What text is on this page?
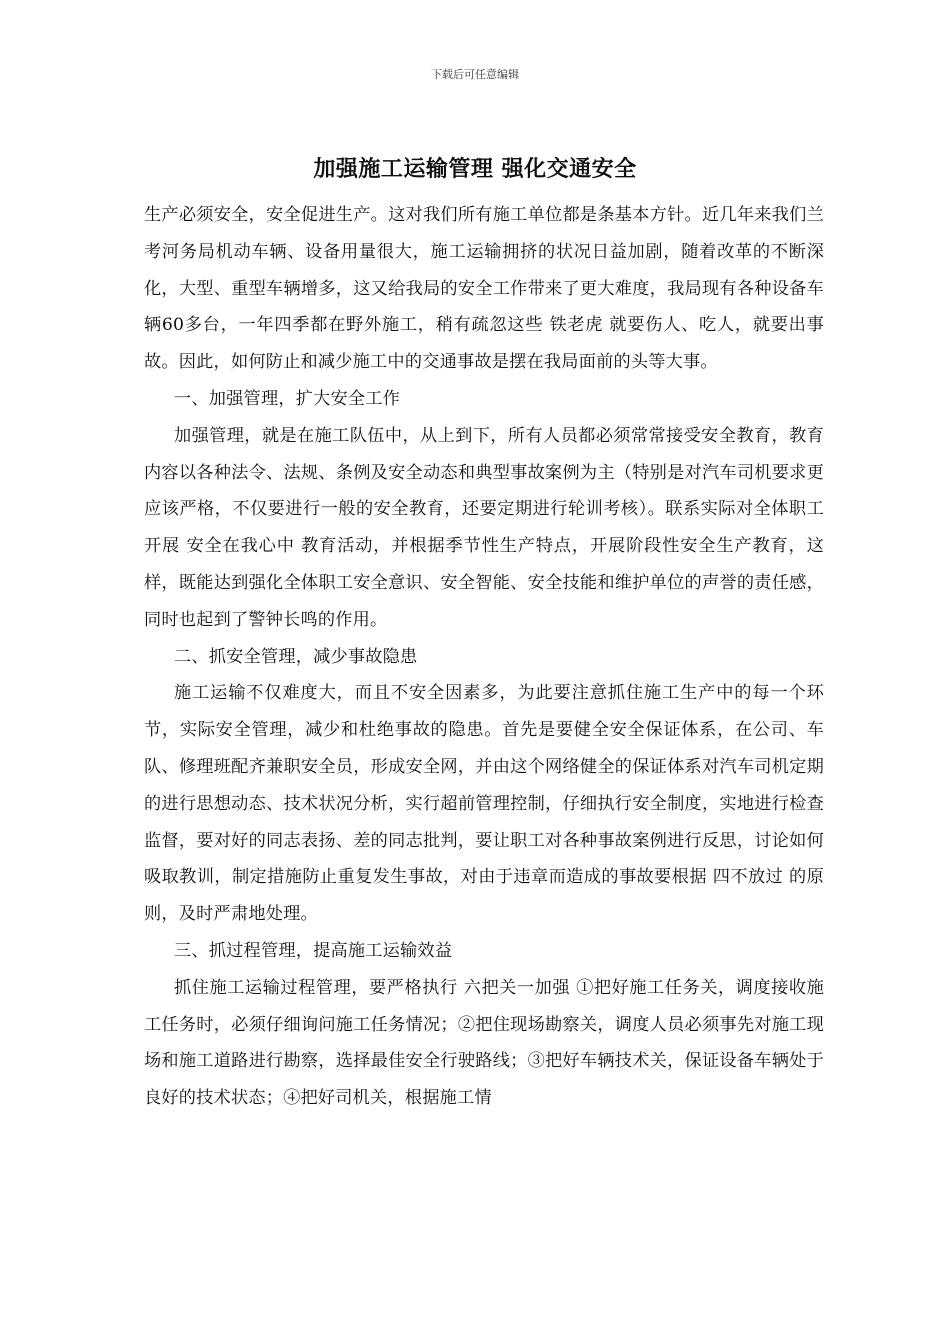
下载后可任意编辑
加强施工运输管理 强化交通安全

生产必须安全，安全促进生产。这对我们所有施工单位都是条基本方针。近几年来我们兰考河务局机动车辆、设备用量很大，施工运输拥挤的状况日益加剧，随着改革的不断深化，大型、重型车辆增多，这又给我局的安全工作带来了更大难度，我局现有各种设备车辆60多台，一年四季都在野外施工，稍有疏忽这些 铁老虎 就要伤人、吃人，就要出事故。因此，如何防止和减少施工中的交通事故是摆在我局面前的头等大事。

一、加强管理，扩大安全工作

加强管理，就是在施工队伍中，从上到下，所有人员都必须常常接受安全教育，教育内容以各种法令、法规、条例及安全动态和典型事故案例为主（特别是对汽车司机要求更应该严格，不仅要进行一般的安全教育，还要定期进行轮训考核）。联系实际对全体职工开展 安全在我心中 教育活动，并根据季节性生产特点，开展阶段性安全生产教育，这样，既能达到强化全体职工安全意识、安全智能、安全技能和维护单位的声誉的责任感，同时也起到了警钟长鸣的作用。

二、抓安全管理，减少事故隐患

施工运输不仅难度大，而且不安全因素多，为此要注意抓住施工生产中的每一个环节，实际安全管理，减少和杜绝事故的隐患。首先是要健全安全保证体系，在公司、车队、修理班配齐兼职安全员，形成安全网，并由这个网络健全的保证体系对汽车司机定期的进行思想动态、技术状况分析，实行超前管理控制，仔细执行安全制度，实地进行检查监督，要对好的同志表扬、差的同志批判，要让职工对各种事故案例进行反思，讨论如何吸取教训，制定措施防止重复发生事故，对由于违章而造成的事故要根据 四不放过 的原则，及时严肃地处理。

三、抓过程管理，提高施工运输效益

抓住施工运输过程管理，要严格执行 六把关一加强 ①把好施工任务关，调度接收施工任务时，必须仔细询问施工任务情况；②把住现场勘察关，调度人员必须事先对施工现场和施工道路进行勘察，选择最佳安全行驶路线；③把好车辆技术关，保证设备车辆处于良好的技术状态；④把好司机关，根据施工情
